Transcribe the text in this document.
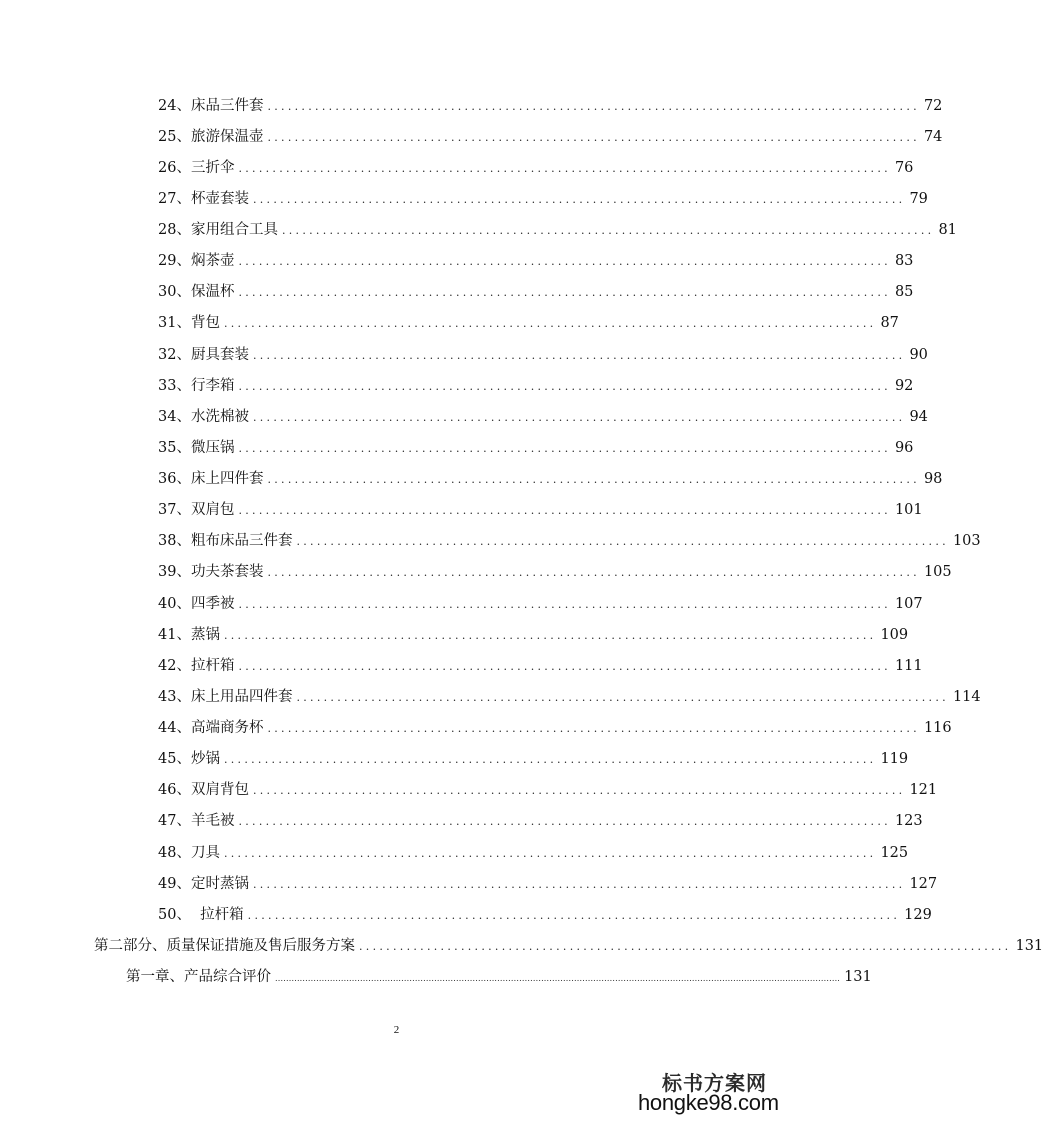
24、床品三件套 ................................................................................................ 72
25、旅游保温壶 ................................................................................................ 74
26、三折伞 ................................................................................................ 76
27、杯壶套装 ................................................................................................ 79
28、家用组合工具 ................................................................................................ 81
29、焖茶壶 ................................................................................................ 83
30、保温杯 ................................................................................................ 85
31、背包 ................................................................................................ 87
32、厨具套装 ................................................................................................ 90
33、行李箱 ................................................................................................ 92
34、水洗棉被 ................................................................................................ 94
35、微压锅 ................................................................................................ 96
36、床上四件套 ................................................................................................ 98
37、双肩包 ................................................................................................ 101
38、粗布床品三件套 ................................................................................................ 103
39、功夫茶套装 ................................................................................................ 105
40、四季被 ................................................................................................ 107
41、蒸锅 ................................................................................................ 109
42、拉杆箱 ................................................................................................ 111
43、床上用品四件套 ................................................................................................ 114
44、高端商务杯 ................................................................................................ 116
45、炒锅 ................................................................................................ 119
46、双肩背包 ................................................................................................ 121
47、羊毛被 ................................................................................................ 123
48、刀具 ................................................................................................ 125
49、定时蒸锅 ................................................................................................ 127
50、  拉杆箱 ................................................................................................ 129
第二部分、质量保证措施及售后服务方案 ................................................................................................ 131
第一章、产品综合评价 .............................................................................................................................................................................................................. 131
2
标书方案网
hongke98.com
